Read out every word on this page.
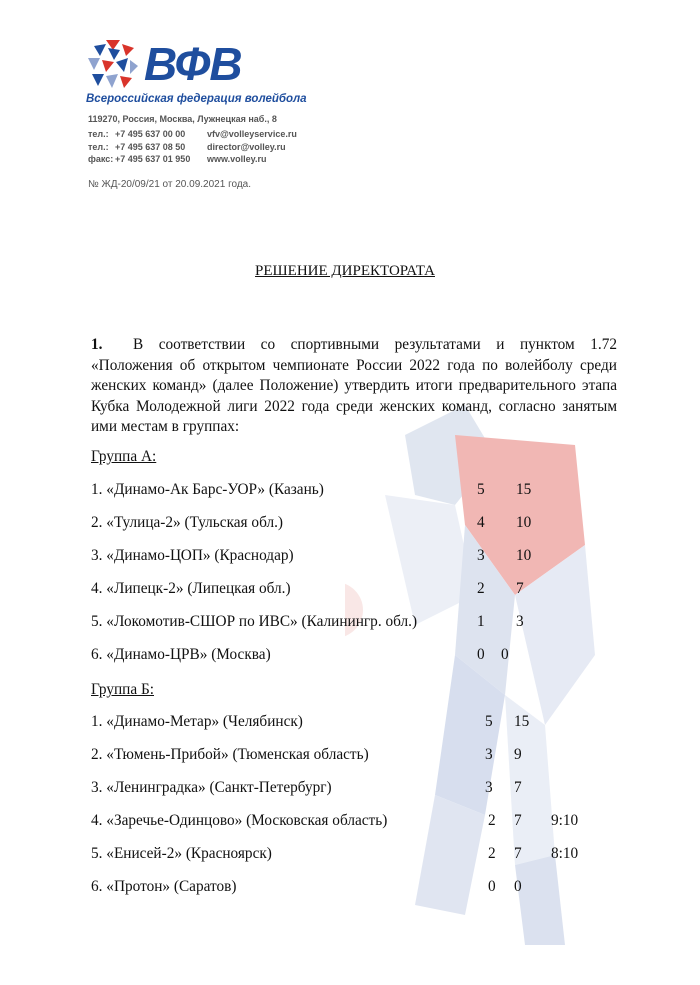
ВФВ
Всероссийская федерация волейбола
119270, Россия, Москва, Лужнецкая наб., 8
тел.: +7 495 637 00 00	vfv@volleyservice.ru
тел.: +7 495 637 08 50	director@volley.ru
факс: +7 495 637 01 950	www.volley.ru
№ ЖД-20/09/21 от 20.09.2021 года.
РЕШЕНИЕ ДИРЕКТОРАТА
1. В соответствии со спортивными результатами и пунктом 1.72 «Положения об открытом чемпионате России 2022 года по волейболу среди женских команд» (далее Положение) утвердить итоги предварительного этапа Кубка Молодежной лиги 2022 года среди женских команд, согласно занятым ими местам в группах:
Группа А:
1. «Динамо-Ак Барс-УОР» (Казань)	5 15
2. «Тулица-2» (Тульская обл.)	4 10
3. «Динамо-ЦОП» (Краснодар)	3 10
4. «Липецк-2» (Липецкая обл.)	2 7
5. «Локомотив-СШОР по ИВС» (Калинингр. обл.)	1 3
6. «Динамо-ЦРВ» (Москва)	0 0
Группа Б:
1. «Динамо-Метар» (Челябинск)	5 15
2. «Тюмень-Прибой» (Тюменская область)	3 9
3. «Ленинградка» (Санкт-Петербург)	3 7
4. «Заречье-Одинцово» (Московская область)	2 7 9:10
5. «Енисей-2» (Красноярск)	2 7 8:10
6. «Протон» (Саратов)	0 0
